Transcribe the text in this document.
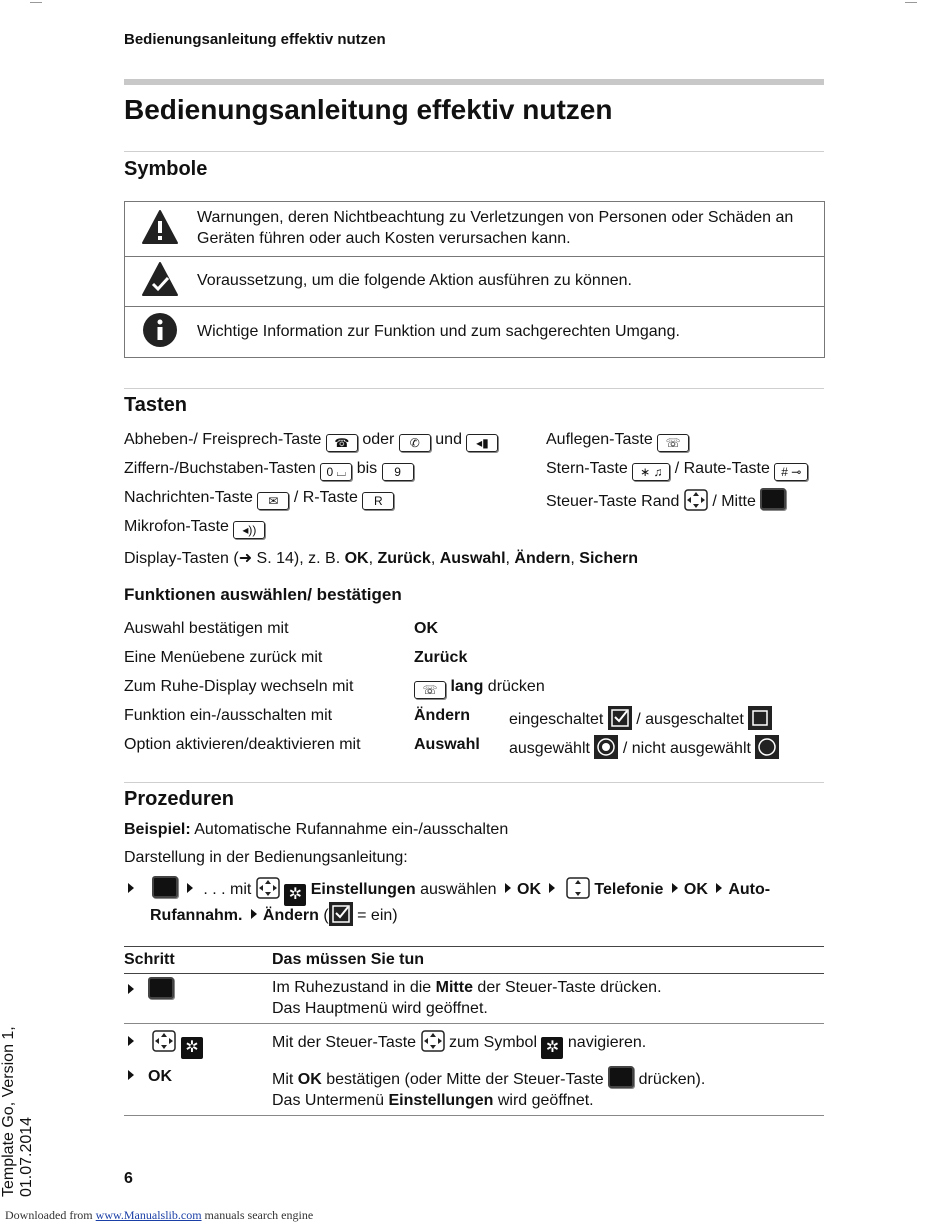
Bedienungsanleitung effektiv nutzen
Bedienungsanleitung effektiv nutzen
Symbole
	Warnungen, deren Nichtbeachtung zu Verletzungen von Personen oder Schäden an Geräten führen oder auch Kosten verursachen kann.
	Voraussetzung, um die folgende Aktion ausführen zu können.
	Wichtige Information zur Funktion und zum sachgerechten Umgang.
Tasten
Abheben-/ Freisprech-Taste ☎ oder ✆ und ◂▮	Auflegen-Taste ☏
Ziffern-/Buchstaben-Tasten 0 ⌴ bis 9	Stern-Taste ∗ ♫ / Raute-Taste # ⊸
Nachrichten-Taste ✉ / R-Taste R	Steuer-Taste Rand / Mitte
Mikrofon-Taste ◂))
Display-Tasten (➜ S. 14), z. B. OK, Zurück, Auswahl, Ändern, Sichern
Funktionen auswählen/ bestätigen
Auswahl bestätigen mit	OK
Eine Menüebene zurück mit	Zurück
Zum Ruhe-Display wechseln mit	☏ lang drücken
Funktion ein-/ausschalten mit	Ändern eingeschaltet / ausgeschaltet
Option aktivieren/deaktivieren mit	Auswahl ausgewählt / nicht ausgewählt
Prozeduren
Beispiel: Automatische Rufannahme ein-/ausschalten
Darstellung in der Bedienungsanleitung:
. . . mit ✲ Einstellungen auswählen OK	Telefonie OK Auto-
Rufannahm. Ändern ( = ein)
Schritt	Das müssen Sie tun
	Im Ruhezustand in die Mitte der Steuer-Taste drücken.
Das Hauptmenü wird geöffnet.
✲	Mit der Steuer-Taste zum Symbol ✲ navigieren.
OK	Mit OK bestätigen (oder Mitte der Steuer-Taste drücken).
Das Untermenü Einstellungen wird geöffnet.
6
Template Go, Version 1, 01.07.2014
Downloaded from www.Manualslib.com manuals search engine
